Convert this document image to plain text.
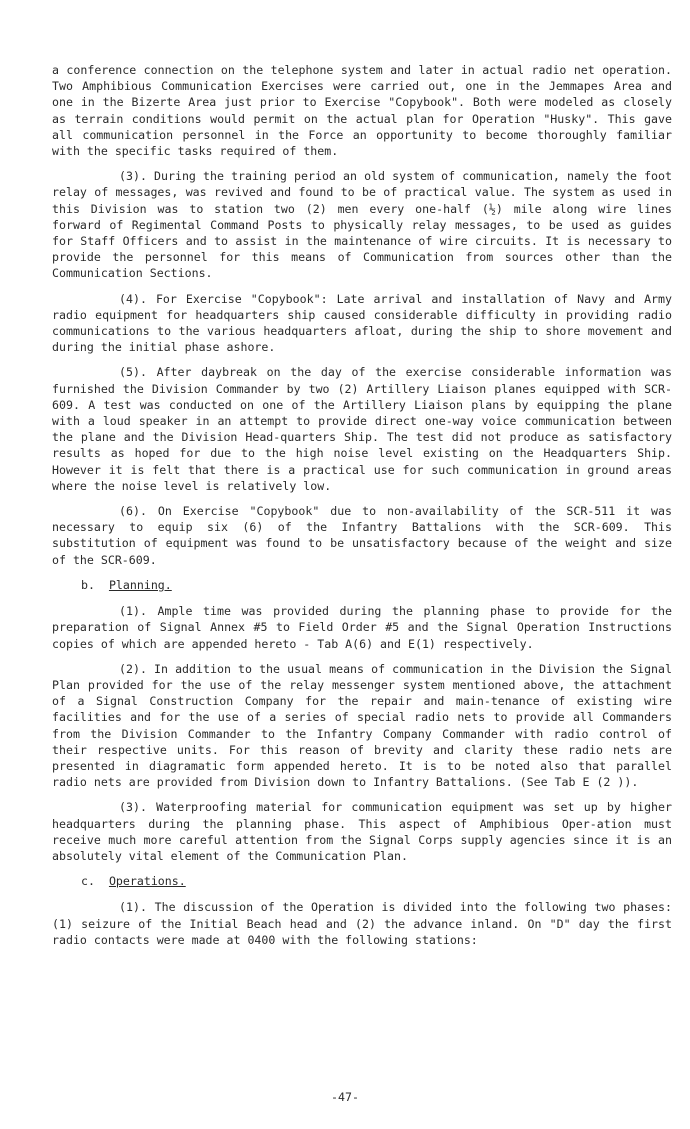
a conference connection on the telephone system and later in actual radio net operation. Two Amphibious Communication Exercises were carried out, one in the Jemmapes Area and one in the Bizerte Area just prior to Exercise "Copybook". Both were modeled as closely as terrain conditions would permit on the actual plan for Operation "Husky". This gave all communication personnel in the Force an opportunity to become thoroughly familiar with the specific tasks required of them.

(3). During the training period an old system of communication, namely the foot relay of messages, was revived and found to be of practical value. The system as used in this Division was to station two (2) men every one-half (½) mile along wire lines forward of Regimental Command Posts to physically relay messages, to be used as guides for Staff Officers and to assist in the maintenance of wire circuits. It is necessary to provide the personnel for this means of Communication from sources other than the Communication Sections.

(4). For Exercise "Copybook": Late arrival and installation of Navy and Army radio equipment for headquarters ship caused considerable difficulty in providing radio communications to the various headquarters afloat, during the ship to shore movement and during the initial phase ashore.

(5). After daybreak on the day of the exercise considerable information was furnished the Division Commander by two (2) Artillery Liaison planes equipped with SCR-609. A test was conducted on one of the Artillery Liaison plans by equipping the plane with a loud speaker in an attempt to provide direct one-way voice communication between the plane and the Division Head-quarters Ship. The test did not produce as satisfactory results as hoped for due to the high noise level existing on the Headquarters Ship. However it is felt that there is a practical use for such communication in ground areas where the noise level is relatively low.

(6). On Exercise "Copybook" due to non-availability of the SCR-511 it was necessary to equip six (6) of the Infantry Battalions with the SCR-609. This substitution of equipment was found to be unsatisfactory because of the weight and size of the SCR-609.

b. Planning.

(1). Ample time was provided during the planning phase to provide for the preparation of Signal Annex #5 to Field Order #5 and the Signal Operation Instructions copies of which are appended hereto - Tab A(6) and E(1) respectively.

(2). In addition to the usual means of communication in the Division the Signal Plan provided for the use of the relay messenger system mentioned above, the attachment of a Signal Construction Company for the repair and main-tenance of existing wire facilities and for the use of a series of special radio nets to provide all Commanders from the Division Commander to the Infantry Company Commander with radio control of their respective units. For this reason of brevity and clarity these radio nets are presented in diagramatic form appended hereto. It is to be noted also that parallel radio nets are provided from Division down to Infantry Battalions. (See Tab E (2 )).

(3). Waterproofing material for communication equipment was set up by higher headquarters during the planning phase. This aspect of Amphibious Oper-ation must receive much more careful attention from the Signal Corps supply agencies since it is an absolutely vital element of the Communication Plan.

c. Operations.

(1). The discussion of the Operation is divided into the following two phases: (1) seizure of the Initial Beach head and (2) the advance inland. On "D" day the first radio contacts were made at 0400 with the following stations:

-47-
